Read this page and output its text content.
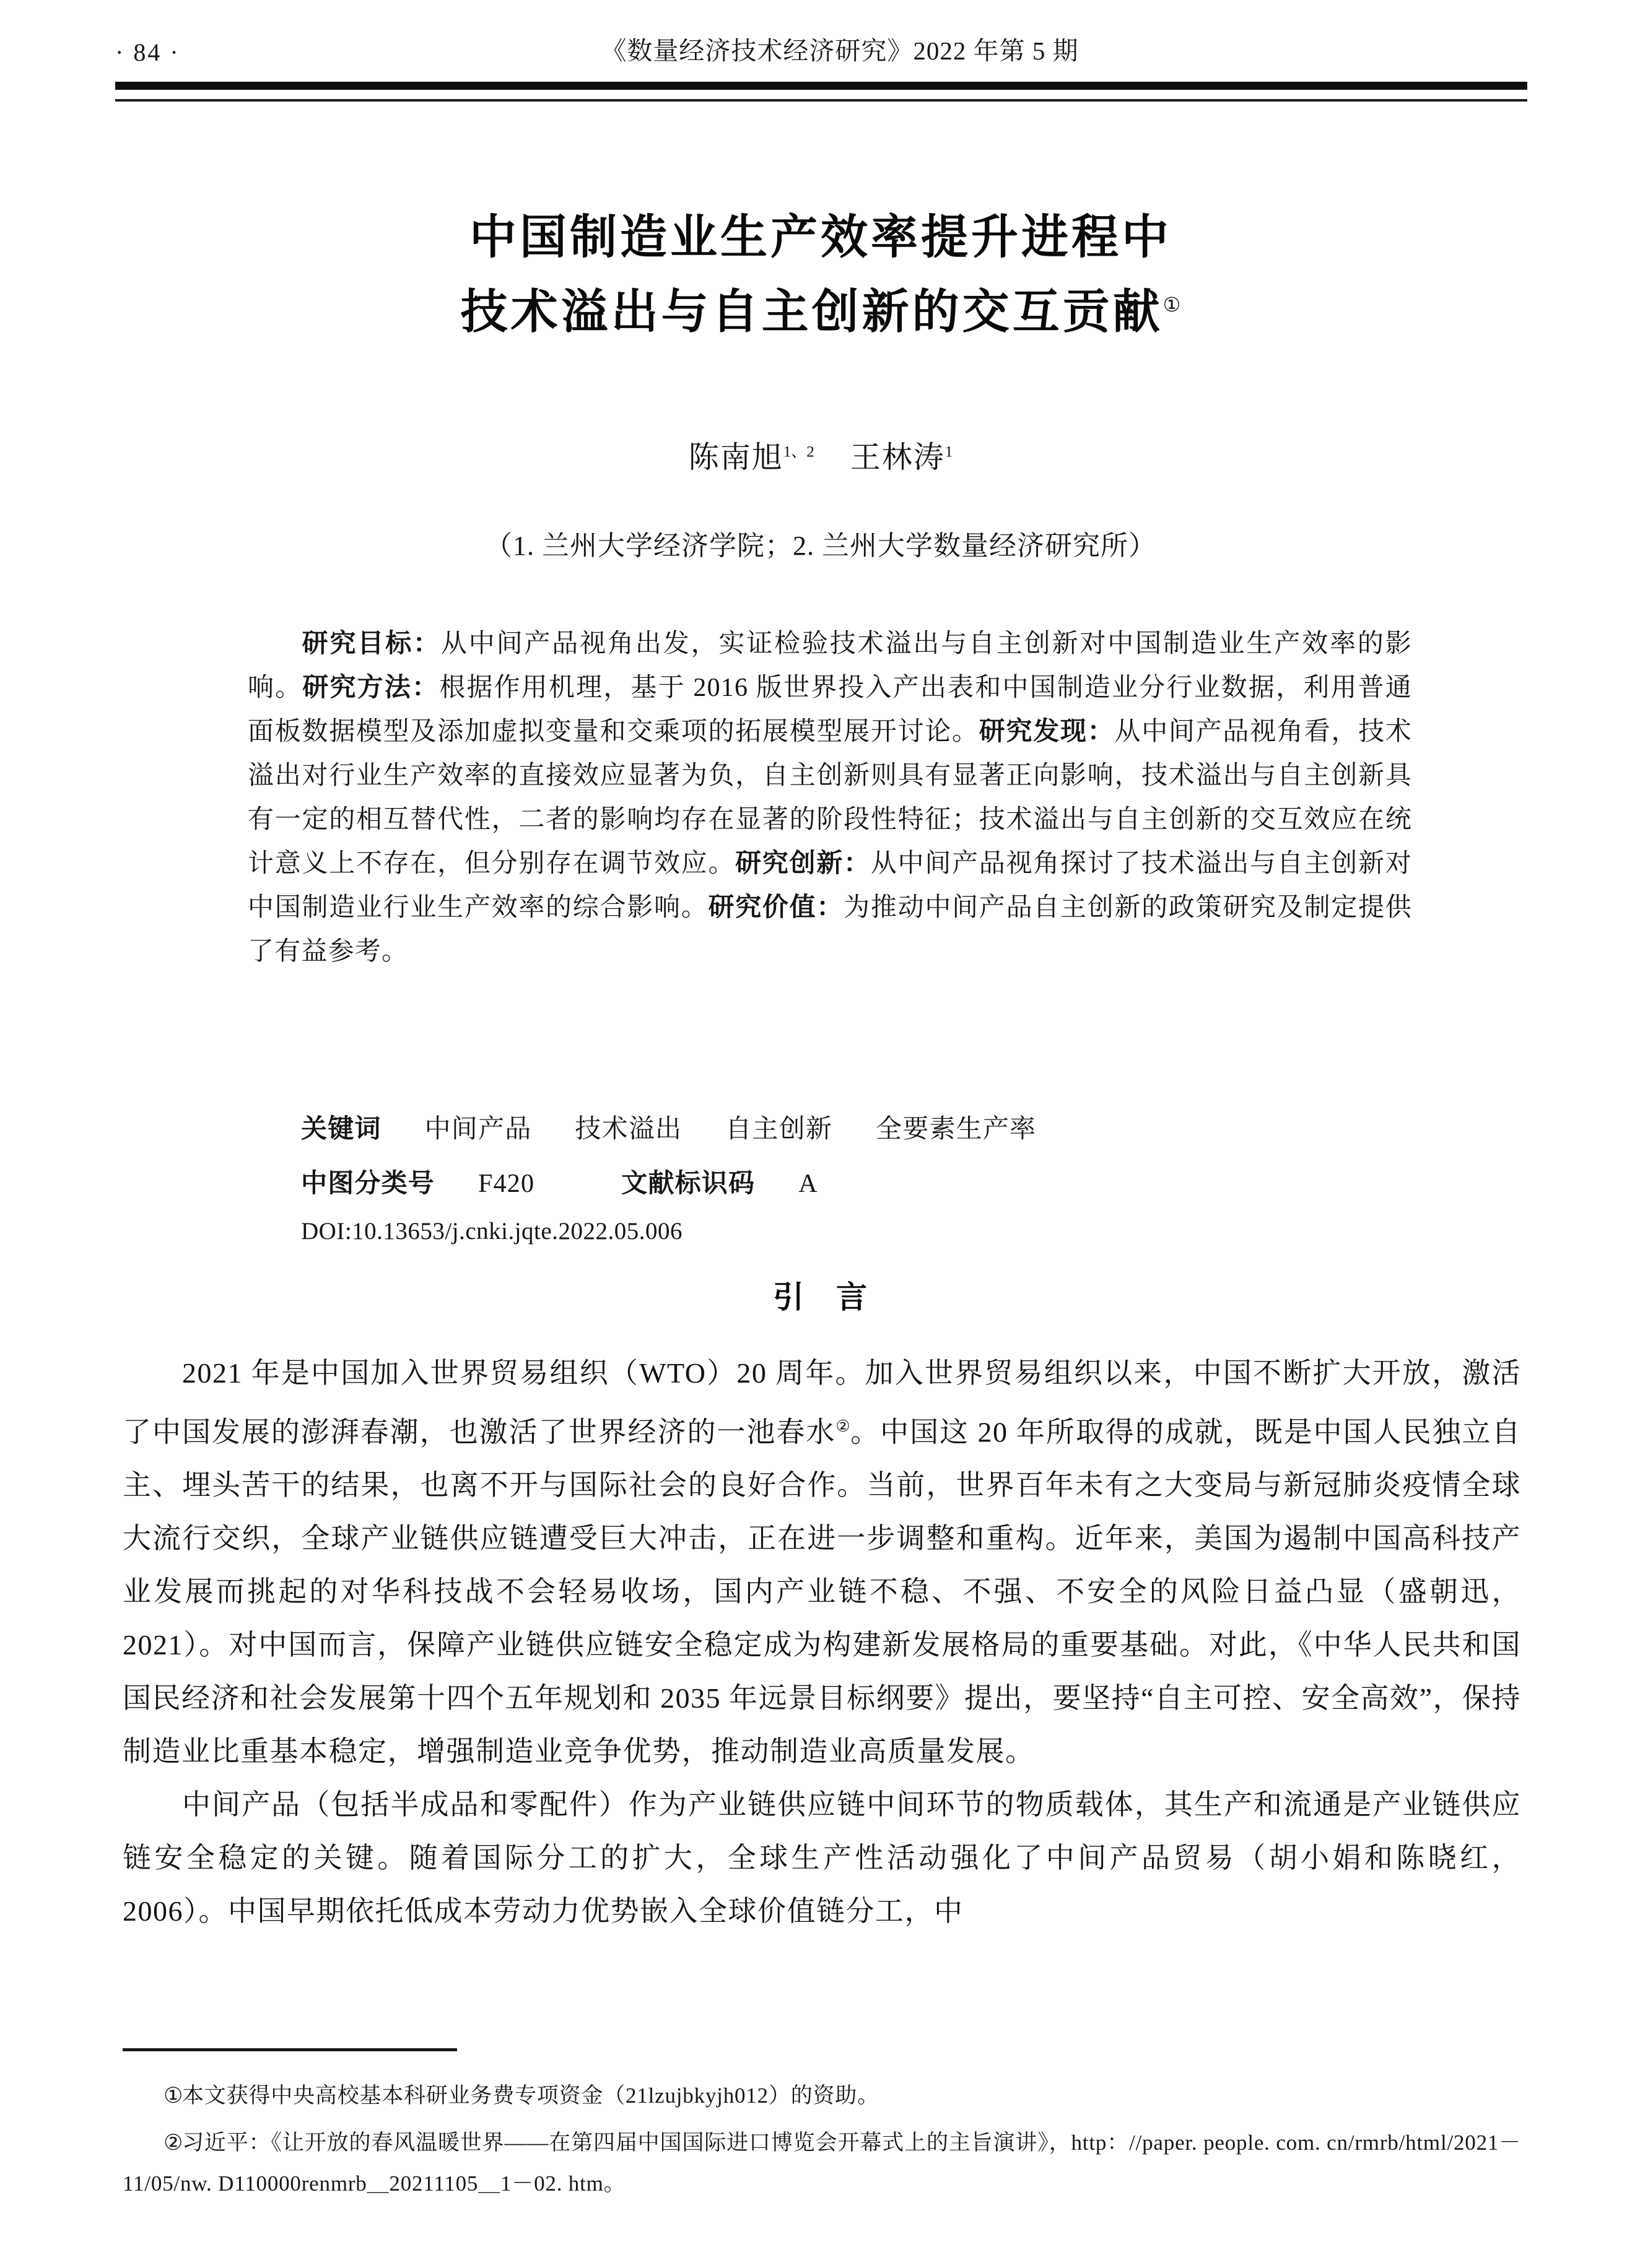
· 84 ·	《数量经济技术经济研究》2022 年第 5 期
中国制造业生产效率提升进程中
技术溢出与自主创新的交互贡献①
陈南旭$^{1、2}$ 王林涛$^1$
（1. 兰州大学经济学院；2. 兰州大学数量经济研究所）
研究目标：从中间产品视角出发，实证检验技术溢出与自主创新对中国制造业生产效率的影响。研究方法：根据作用机理，基于 2016 版世界投入产出表和中国制造业分行业数据，利用普通面板数据模型及添加虚拟变量和交乘项的拓展模型展开讨论。研究发现：从中间产品视角看，技术溢出对行业生产效率的直接效应显著为负，自主创新则具有显著正向影响，技术溢出与自主创新具有一定的相互替代性，二者的影响均存在显著的阶段性特征；技术溢出与自主创新的交互效应在统计意义上不存在，但分别存在调节效应。研究创新：从中间产品视角探讨了技术溢出与自主创新对中国制造业行业生产效率的综合影响。研究价值：为推动中间产品自主创新的政策研究及制定提供了有益参考。
关键词 中间产品 技术溢出 自主创新 全要素生产率
中图分类号 F420	文献标识码 A
DOI:10.13653/j.cnki.jqte.2022.05.006
引 言

2021 年是中国加入世界贸易组织（WTO）20 周年。加入世界贸易组织以来，中国不断扩大开放，激活了中国发展的澎湃春潮，也激活了世界经济的一池春水②。中国这 20 年所取得的成就，既是中国人民独立自主、埋头苦干的结果，也离不开与国际社会的良好合作。当前，世界百年未有之大变局与新冠肺炎疫情全球大流行交织，全球产业链供应链遭受巨大冲击，正在进一步调整和重构。近年来，美国为遏制中国高科技产业发展而挑起的对华科技战不会轻易收场，国内产业链不稳、不强、不安全的风险日益凸显（盛朝迅，2021）。对中国而言，保障产业链供应链安全稳定成为构建新发展格局的重要基础。对此，《中华人民共和国国民经济和社会发展第十四个五年规划和 2035 年远景目标纲要》提出，要坚持“自主可控、安全高效”，保持制造业比重基本稳定，增强制造业竞争优势，推动制造业高质量发展。

中间产品（包括半成品和零配件）作为产业链供应链中间环节的物质载体，其生产和流通是产业链供应链安全稳定的关键。随着国际分工的扩大，全球生产性活动强化了中间产品贸易（胡小娟和陈晓红，2006）。中国早期依托低成本劳动力优势嵌入全球价值链分工，中

①本文获得中央高校基本科研业务费专项资金（21lzujbkyjh012）的资助。

②习近平：《让开放的春风温暖世界——在第四届中国国际进口博览会开幕式上的主旨演讲》，http：//paper. people. com. cn/rmrb/html/2021－11/05/nw. D110000renmrb＿20211105＿1－02. htm。
